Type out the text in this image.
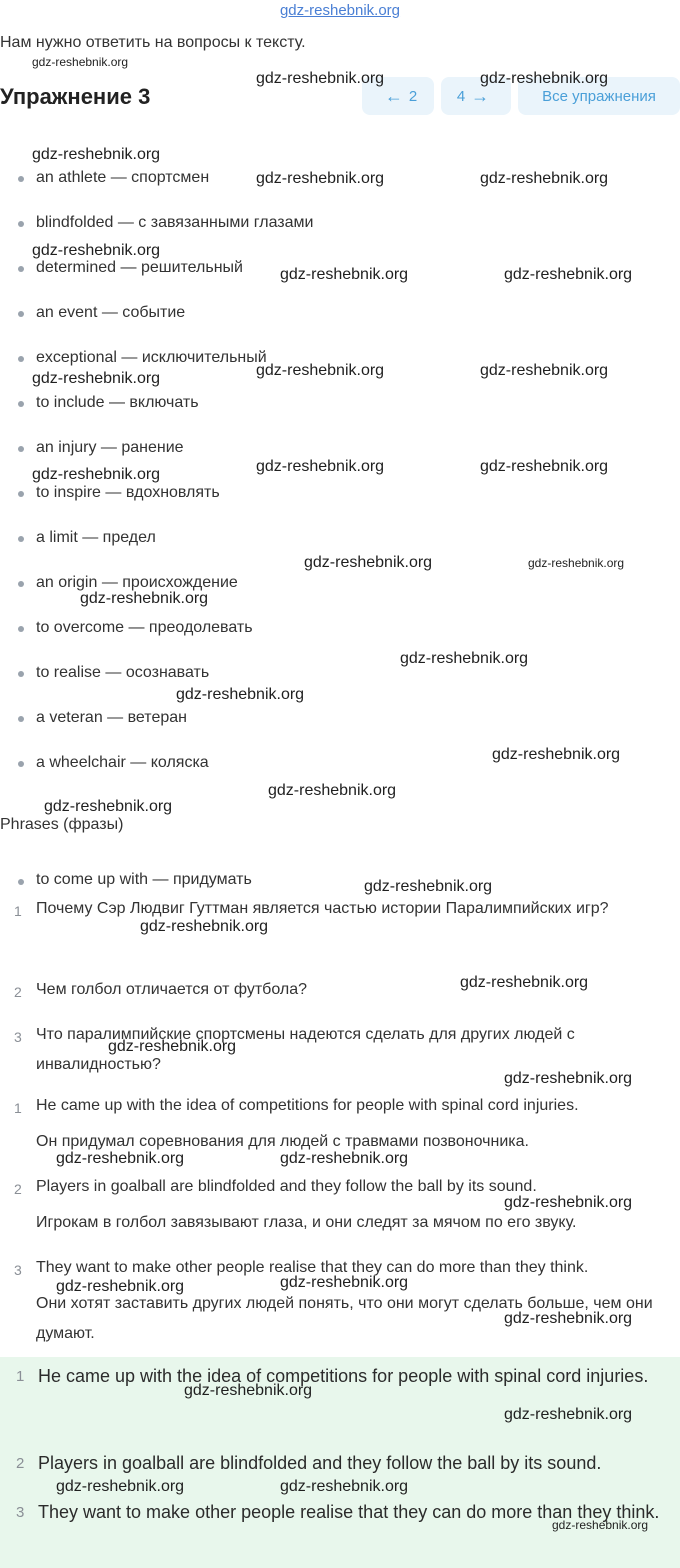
gdz-reshebnik.org
Нам нужно ответить на вопросы к тексту.
Упражнение 3	← 2	4 →	Все упражнения
an athlete — спортсмен
blindfolded — с завязанными глазами
determined — решительный
an event — событие
exceptional — исключительный
to include — включать
an injury — ранение
to inspire — вдохновлять
a limit — предел
an origin — происхождение
to overcome — преодолевать
to realise — осознавать
a veteran — ветеран
a wheelchair — коляска
Phrases (фразы)
to come up with — придумать
1 Почему Сэр Людвиг Гуттман является частью истории Паралимпийских игр?
2 Чем голбол отличается от футбола?
3 Что паралимпийские спортсмены надеются сделать для других людей с инвалидностью?
1 He came up with the idea of competitions for people with spinal cord injuries.
Он придумал соревнования для людей с травмами позвоночника.
2 Players in goalball are blindfolded and they follow the ball by its sound.
Игрокам в голбол завязывают глаза, и они следят за мячом по его звуку.
3 They want to make other people realise that they can do more than they think.
Они хотят заставить других людей понять, что они могут сделать больше, чем они думают.
1 He came up with the idea of competitions for people with spinal cord injuries.
2 Players in goalball are blindfolded and they follow the ball by its sound.
3 They want to make other people realise that they can do more than they think.
gdz-reshebnik.org
gdz-reshebnik.org	gdz-reshebnik.org
gdz-reshebnik.org
gdz-reshebnik.org	gdz-reshebnik.org
gdz-reshebnik.org
gdz-reshebnik.org	gdz-reshebnik.org
gdz-reshebnik.org	gdz-reshebnik.org
gdz-reshebnik.org
gdz-reshebnik.org	gdz-reshebnik.org
gdz-reshebnik.org
gdz-reshebnik.org	gdz-reshebnik.org
gdz-reshebnik.org
gdz-reshebnik.org
gdz-reshebnik.org
gdz-reshebnik.org
gdz-reshebnik.org
gdz-reshebnik.org
gdz-reshebnik.org
gdz-reshebnik.org
gdz-reshebnik.org
gdz-reshebnik.org
gdz-reshebnik.org
gdz-reshebnik.org	gdz-reshebnik.org
gdz-reshebnik.org
gdz-reshebnik.org	gdz-reshebnik.org
gdz-reshebnik.org
gdz-reshebnik.org
gdz-reshebnik.org
gdz-reshebnik.org	gdz-reshebnik.org
gdz-reshebnik.org
